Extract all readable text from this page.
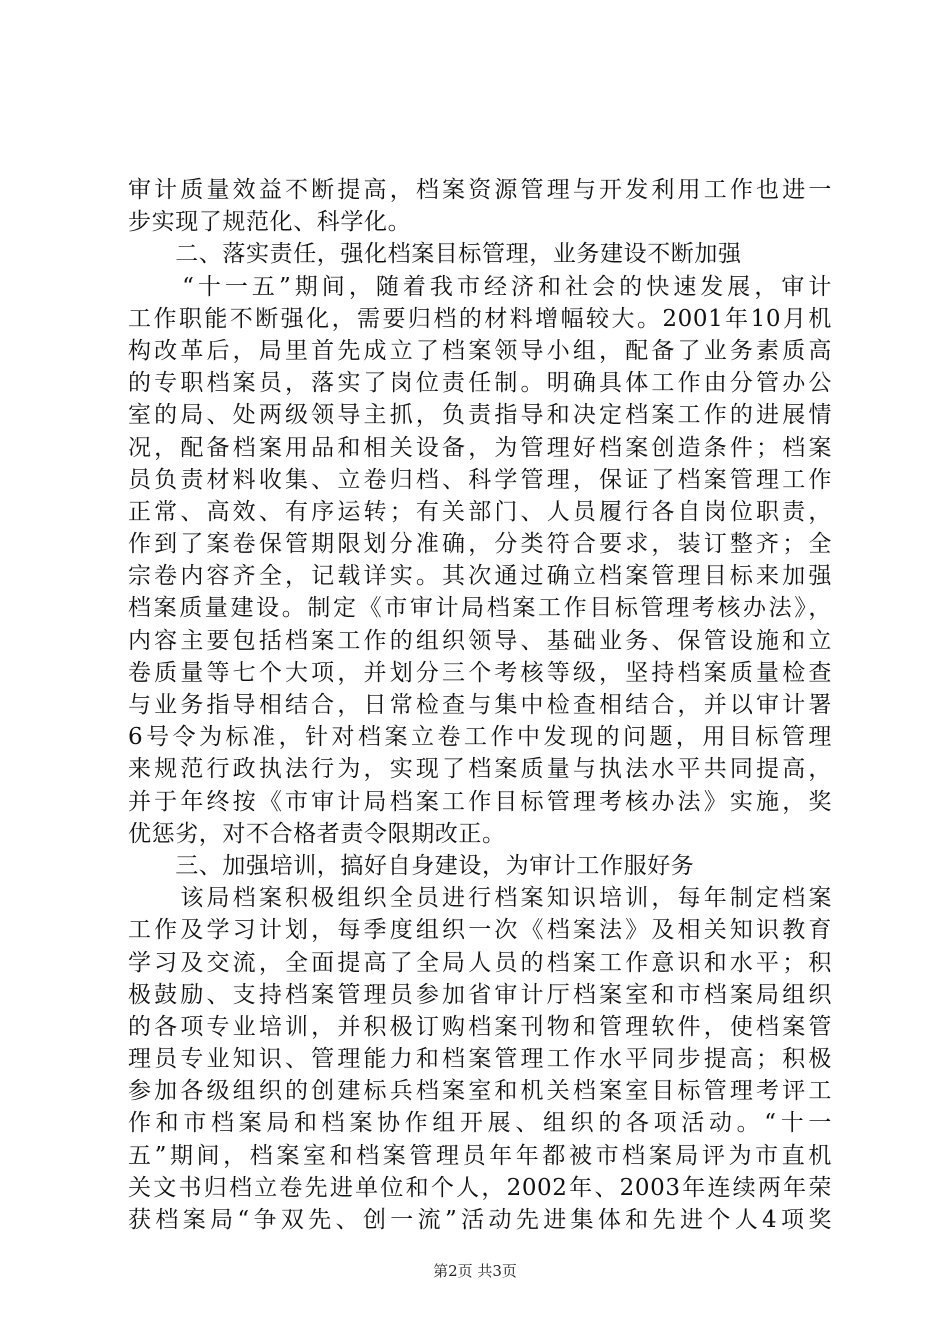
审计质量效益不断提高，档案资源管理与开发利用工作也进一
步实现了规范化、科学化。
　　二、落实责任，强化档案目标管理，业务建设不断加强
　　“十一五”期间，随着我市经济和社会的快速发展，审计
工作职能不断强化，需要归档的材料增幅较大。2001年10月机
构改革后，局里首先成立了档案领导小组，配备了业务素质高
的专职档案员，落实了岗位责任制。明确具体工作由分管办公
室的局、处两级领导主抓，负责指导和决定档案工作的进展情
况，配备档案用品和相关设备，为管理好档案创造条件；档案
员负责材料收集、立卷归档、科学管理，保证了档案管理工作
正常、高效、有序运转；有关部门、人员履行各自岗位职责，
作到了案卷保管期限划分准确，分类符合要求，装订整齐；全
宗卷内容齐全，记载详实。其次通过确立档案管理目标来加强
档案质量建设。制定《市审计局档案工作目标管理考核办法》，
内容主要包括档案工作的组织领导、基础业务、保管设施和立
卷质量等七个大项，并划分三个考核等级，坚持档案质量检查
与业务指导相结合，日常检查与集中检查相结合，并以审计署
6号令为标准，针对档案立卷工作中发现的问题，用目标管理
来规范行政执法行为，实现了档案质量与执法水平共同提高，
并于年终按《市审计局档案工作目标管理考核办法》实施，奖
优惩劣，对不合格者责令限期改正。
　　三、加强培训，搞好自身建设，为审计工作服好务
　　该局档案积极组织全员进行档案知识培训，每年制定档案
工作及学习计划，每季度组织一次《档案法》及相关知识教育
学习及交流，全面提高了全局人员的档案工作意识和水平；积
极鼓励、支持档案管理员参加省审计厅档案室和市档案局组织
的各项专业培训，并积极订购档案刊物和管理软件，使档案管
理员专业知识、管理能力和档案管理工作水平同步提高；积极
参加各级组织的创建标兵档案室和机关档案室目标管理考评工
作和市档案局和档案协作组开展、组织的各项活动。“十一
五”期间，档案室和档案管理员年年都被市档案局评为市直机
关文书归档立卷先进单位和个人，2002年、2003年连续两年荣
获档案局“争双先、创一流”活动先进集体和先进个人4项奖
第2页 共3页
